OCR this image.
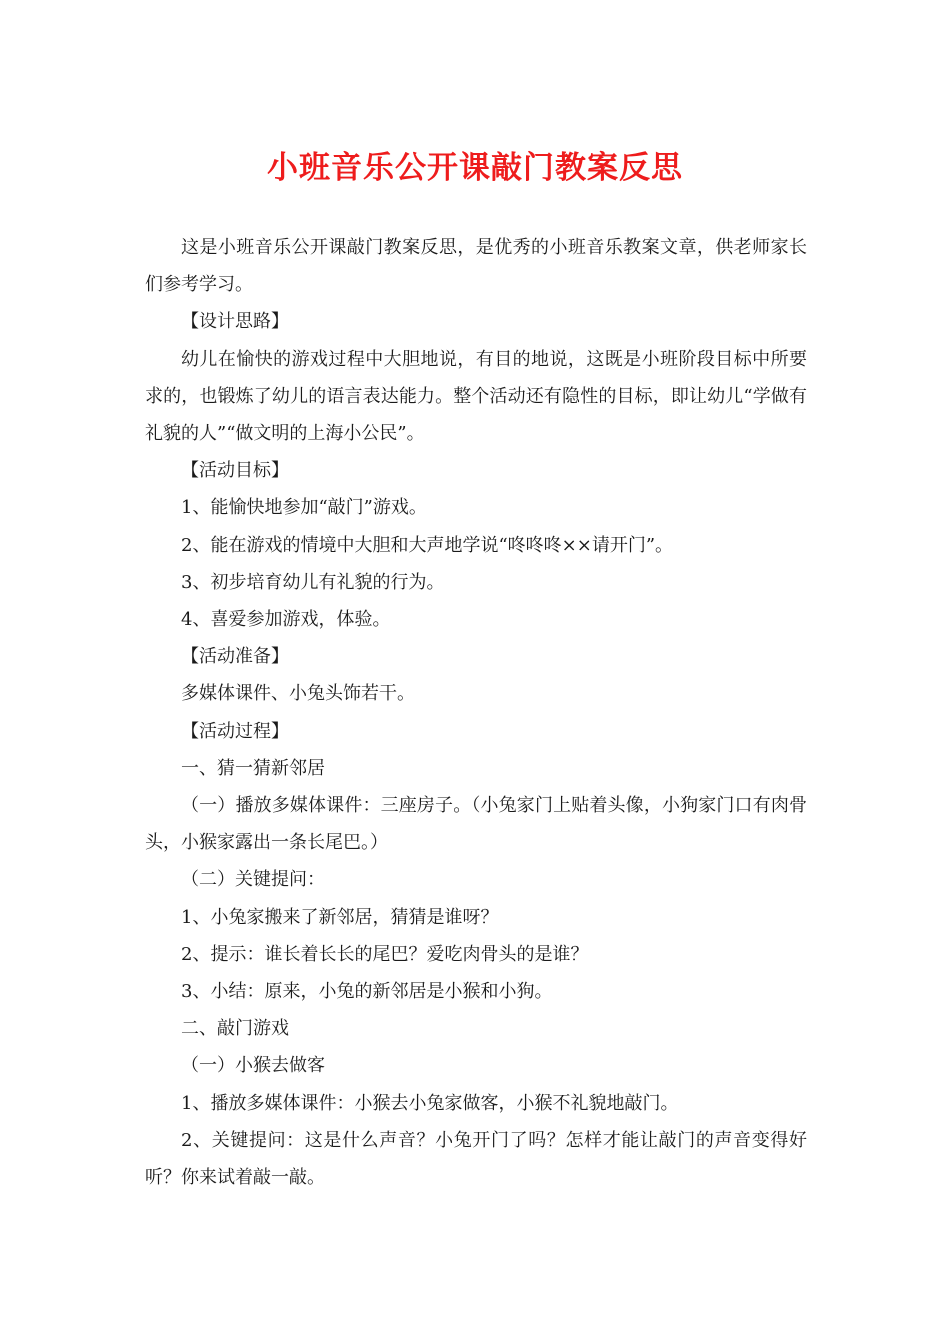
小班音乐公开课敲门教案反思

这是小班音乐公开课敲门教案反思，是优秀的小班音乐教案文章，供老师家长们参考学习。

【设计思路】

幼儿在愉快的游戏过程中大胆地说，有目的地说，这既是小班阶段目标中所要求的，也锻炼了幼儿的语言表达能力。整个活动还有隐性的目标，即让幼儿“学做有礼貌的人”“做文明的上海小公民”。

【活动目标】

1、能愉快地参加“敲门”游戏。

2、能在游戏的情境中大胆和大声地学说“咚咚咚××请开门”。

3、初步培育幼儿有礼貌的行为。

4、喜爱参加游戏，体验。

【活动准备】

多媒体课件、小兔头饰若干。

【活动过程】

一、猜一猜新邻居

（一）播放多媒体课件：三座房子。（小兔家门上贴着头像，小狗家门口有肉骨头，小猴家露出一条长尾巴。）

（二）关键提问：

1、小兔家搬来了新邻居，猜猜是谁呀？

2、提示：谁长着长长的尾巴？爱吃肉骨头的是谁？

3、小结：原来，小兔的新邻居是小猴和小狗。

二、敲门游戏

（一）小猴去做客

1、播放多媒体课件：小猴去小兔家做客，小猴不礼貌地敲门。

2、关键提问：这是什么声音？小兔开门了吗？怎样才能让敲门的声音变得好听？你来试着敲一敲。
